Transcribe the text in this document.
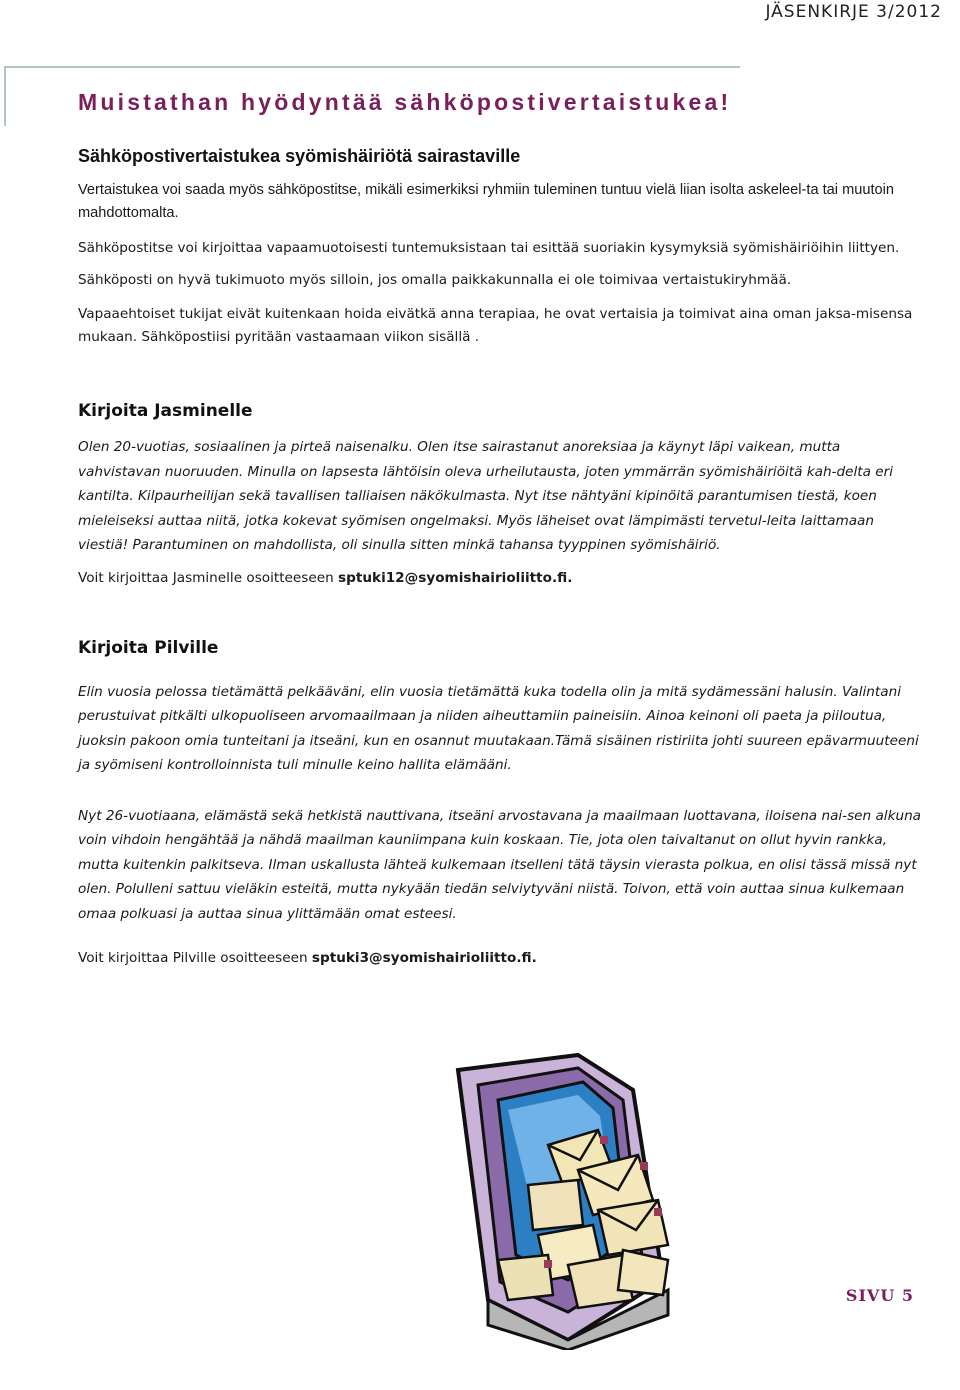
JÄSENKIRJE 3/2012
Muistathan hyödyntää sähköpostivertaistukea!
Sähköpostivertaistukea syömishäiriötä sairastaville

Vertaistukea voi saada myös sähköpostitse, mikäli esimerkiksi ryhmiin tuleminen tuntuu vielä liian isolta askeleel-ta tai muutoin mahdottomalta.

Sähköpostitse voi kirjoittaa vapaamuotoisesti tuntemuksistaan tai esittää suoriakin kysymyksiä syömishäiriöihin liittyen.

Sähköposti on hyvä tukimuoto myös silloin, jos omalla paikkakunnalla ei ole toimivaa vertaistukiryhmää.

Vapaaehtoiset tukijat eivät kuitenkaan hoida eivätkä anna terapiaa, he ovat vertaisia ja toimivat aina oman jaksa-misensa mukaan. Sähköpostiisi pyritään vastaamaan viikon sisällä .

Kirjoita Jasminelle

Olen 20-vuotias, sosiaalinen ja pirteä naisenalku. Olen itse sairastanut anoreksiaa ja käynyt läpi vaikean, mutta vahvistavan nuoruuden. Minulla on lapsesta lähtöisin oleva urheilutausta, joten ymmärrän syömishäiriöitä kah-delta eri kantilta. Kilpaurheilijan sekä tavallisen talliaisen näkökulmasta. Nyt itse nähtyäni kipinöitä parantumisen tiestä, koen mieleiseksi auttaa niitä, jotka kokevat syömisen ongelmaksi. Myös läheiset ovat lämpimästi tervetul-leita laittamaan viestiä! Parantuminen on mahdollista, oli sinulla sitten minkä tahansa tyyppinen syömishäiriö.

Voit kirjoittaa Jasminelle osoitteeseen sptuki12@syomishairioliitto.fi.

Kirjoita Pilville

Elin vuosia pelossa tietämättä pelkääväni, elin vuosia tietämättä kuka todella olin ja mitä sydämessäni halusin. Valintani perustuivat pitkälti ulkopuoliseen arvomaailmaan ja niiden aiheuttamiin paineisiin. Ainoa keinoni oli paeta ja piiloutua, juoksin pakoon omia tunteitani ja itseäni, kun en osannut muutakaan.Tämä sisäinen ristiriita johti suureen epävarmuuteeni ja syömiseni kontrolloinnista tuli minulle keino hallita elämääni.

Nyt 26-vuotiaana, elämästä sekä hetkistä nauttivana, itseäni arvostavana ja maailmaan luottavana, iloisena nai-sen alkuna voin vihdoin hengähtää ja nähdä maailman kauniimpana kuin koskaan. Tie, jota olen taivaltanut on ollut hyvin rankka, mutta kuitenkin palkitseva. Ilman uskallusta lähteä kulkemaan itselleni tätä täysin vierasta polkua, en olisi tässä missä nyt olen. Polulleni sattuu vieläkin esteitä, mutta nykyään tiedän selviytyväni niistä. Toivon, että voin auttaa sinua kulkemaan omaa polkuasi ja auttaa sinua ylittämään omat esteesi.

Voit kirjoittaa Pilville osoitteeseen sptuki3@syomishairioliitto.fi.

SIVU 5
